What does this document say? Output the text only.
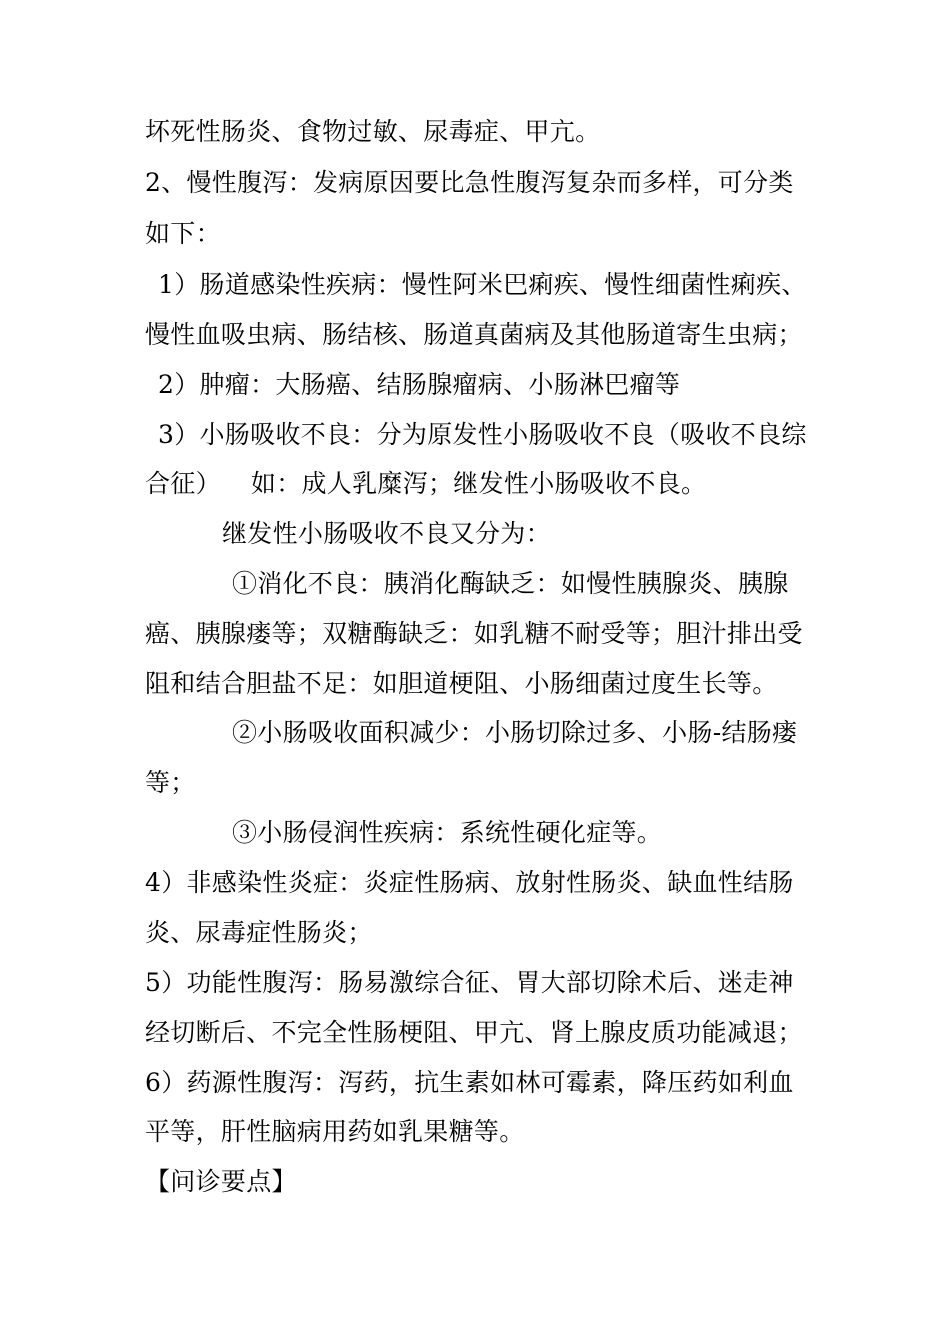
坏死性肠炎、食物过敏、尿毒症、甲亢。
2、慢性腹泻：发病原因要比急性腹泻复杂而多样，可分类
如下：
1）肠道感染性疾病：慢性阿米巴痢疾、慢性细菌性痢疾、
慢性血吸虫病、肠结核、肠道真菌病及其他肠道寄生虫病；
2）肿瘤：大肠癌、结肠腺瘤病、小肠淋巴瘤等
3）小肠吸收不良：分为原发性小肠吸收不良（吸收不良综
合征） 如：成人乳糜泻；继发性小肠吸收不良。
继发性小肠吸收不良又分为：
①消化不良：胰消化酶缺乏：如慢性胰腺炎、胰腺
癌、胰腺瘘等；双糖酶缺乏：如乳糖不耐受等；胆汁排出受
阻和结合胆盐不足：如胆道梗阻、小肠细菌过度生长等。
②小肠吸收面积减少：小肠切除过多、小肠-结肠瘘
等；
③小肠侵润性疾病：系统性硬化症等。
4）非感染性炎症：炎症性肠病、放射性肠炎、缺血性结肠
炎、尿毒症性肠炎；
5）功能性腹泻：肠易激综合征、胃大部切除术后、迷走神
经切断后、不完全性肠梗阻、甲亢、肾上腺皮质功能减退；
6）药源性腹泻：泻药，抗生素如林可霉素，降压药如利血
平等，肝性脑病用药如乳果糖等。
【问诊要点】
